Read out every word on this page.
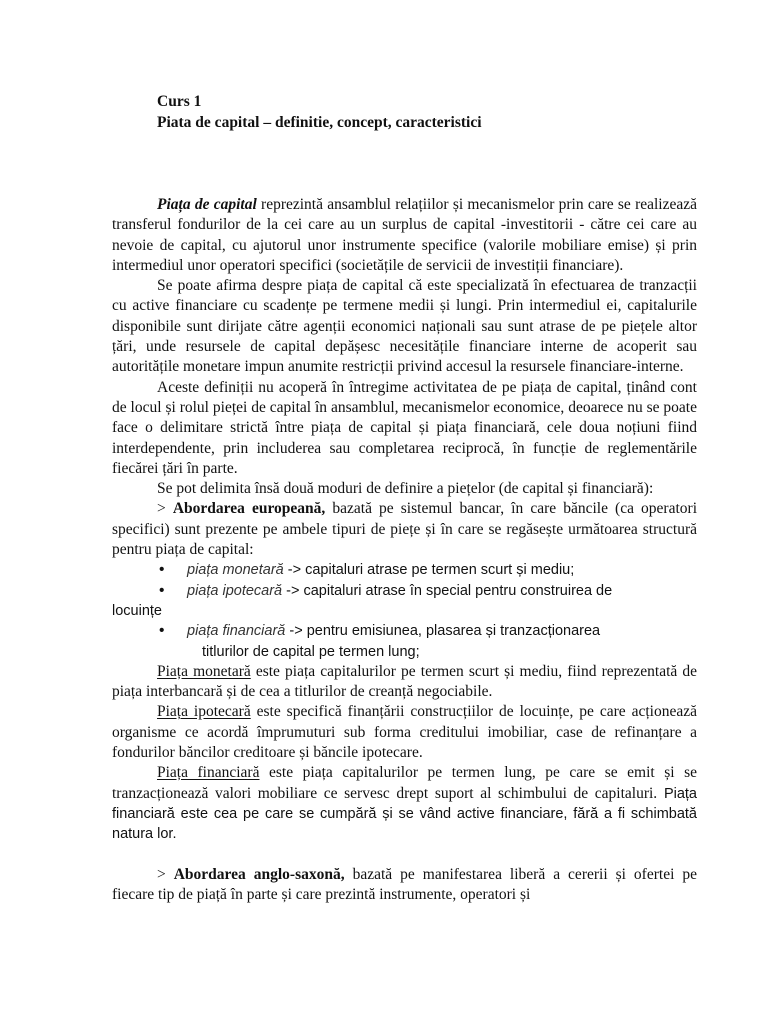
Curs 1
Piata de capital – definitie, concept, caracteristici

Piața de capital reprezintă ansamblul relațiilor și mecanismelor prin care se realizează transferul fondurilor de la cei care au un surplus de capital -investitorii - către cei care au nevoie de capital, cu ajutorul unor instrumente specifice (valorile mobiliare emise) și prin intermediul unor operatori specifici (societățile de servicii de investiții financiare).

Se poate afirma despre piața de capital că este specializată în efectuarea de tranzacții cu active financiare cu scadențe pe termene medii și lungi. Prin intermediul ei, capitalurile disponibile sunt dirijate către agenții economici naționali sau sunt atrase de pe piețele altor țări, unde resursele de capital depășesc necesitățile financiare interne de acoperit sau autoritățile monetare impun anumite restricții privind accesul la resursele financiare-interne.

Aceste definiții nu acoperă în întregime activitatea de pe piața de capital, ținând cont de locul și rolul pieței de capital în ansamblul, mecanismelor economice, deoarece nu se poate face o delimitare strictă între piața de capital și piața financiară, cele doua noțiuni fiind interdependente, prin includerea sau completarea reciprocă, în funcție de reglementările fiecărei țări în parte.

Se pot delimita însă două moduri de definire a piețelor (de capital și financiară):

> Abordarea europeană, bazată pe sistemul bancar, în care băncile (ca operatori specifici) sunt prezente pe ambele tipuri de piețe și în care se regăsește următoarea structură pentru piața de capital:

• piața monetară -> capitaluri atrase pe termen scurt și mediu;
• piața ipotecară -> capitaluri atrase în special pentru construirea de

locuințe

• piața financiară -> pentru emisiunea, plasarea și tranzacționarea

titlurilor de capital pe termen lung;

Piața monetară este piața capitalurilor pe termen scurt și mediu, fiind reprezentată de piața interbancară și de cea a titlurilor de creanță negociabile.

Piața ipotecară este specifică finanțării construcțiilor de locuințe, pe care acționează organisme ce acordă împrumuturi sub forma creditului imobiliar, case de refinanțare a fondurilor băncilor creditoare și băncile ipotecare.

Piața financiară este piața capitalurilor pe termen lung, pe care se emit și se tranzacționează valori mobiliare ce servesc drept suport al schimbului de capitaluri. Piața financiară este cea pe care se cumpără și se vând active financiare, fără a fi schimbată natura lor.

> Abordarea anglo-saxonă, bazată pe manifestarea liberă a cererii și ofertei pe fiecare tip de piață în parte și care prezintă instrumente, operatori și
